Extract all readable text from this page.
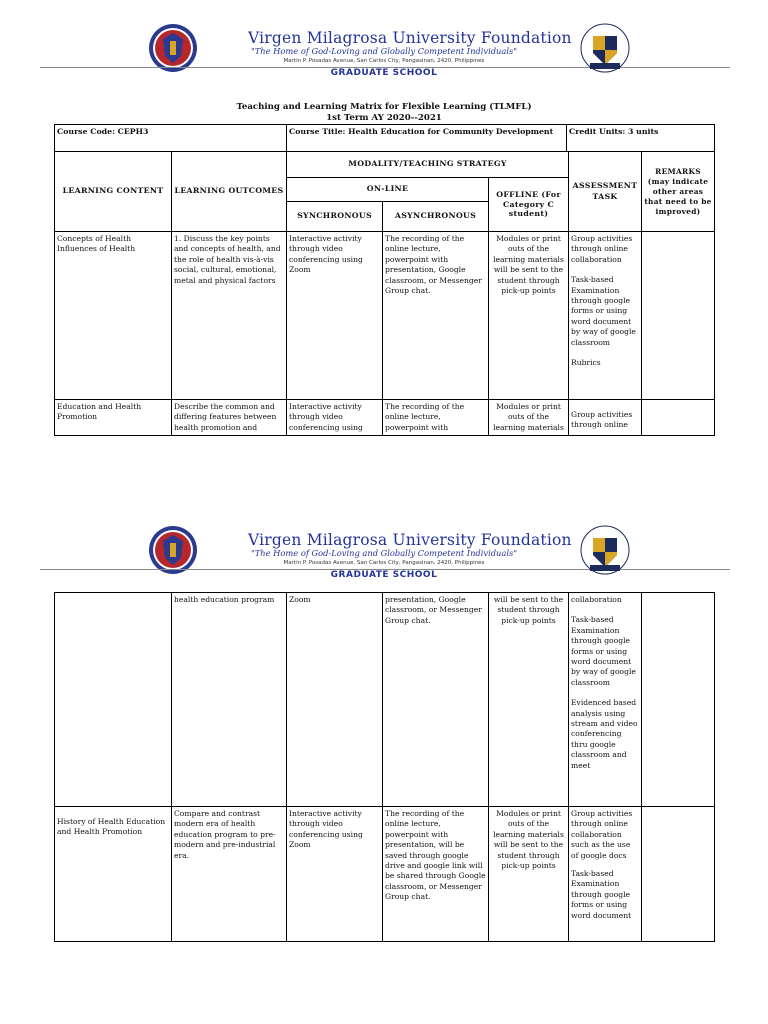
Virgen Milagrosa University Foundation
"The Home of God-Loving and Globally Competent Individuals"
Martin P. Posadas Avenue, San Carlos City, Pangasinan, 2420, Philippines
GRADUATE SCHOOL
Teaching and Learning Matrix for Flexible Learning (TLMFL)
1st Term AY 2020--2021
Course Code: CEPH3	Course Title: Health Education for Community Development	Credit Units: 3 units
LEARNING CONTENT	LEARNING OUTCOMES	MODALITY/TEACHING STRATEGY			ASSESSMENT TASK	REMARKS (may indicate other areas that need to be improved)
		ON-LINE		OFFLINE (For Category C student)		
		SYNCHRONOUS	ASYNCHRONOUS			
Concepts of Health Influences of Health	1. Discuss the key points and concepts of health, and the role of health vis-à-vis social, cultural, emotional, metal and physical factors	Interactive activity through video conferencing using Zoom	The recording of the online lecture, powerpoint with presentation, Google classroom, or Messenger Group chat.	Modules or print outs of the learning materials will be sent to the student through pick-up points	Group activities through online collaboration
Task-based Examination through google forms or using word document by way of google classroom
Rubrics	

Education and Health Promotion	Describe the common and differing features between health promotion and	Interactive activity through video conferencing using	The recording of the online lecture, powerpoint with	Modules or print outs of the learning materials	Group activities through online	

Virgen Milagrosa University Foundation
"The Home of God-Loving and Globally Competent Individuals"
Martin P. Posadas Avenue, San Carlos City, Pangasinan, 2420, Philippines
GRADUATE SCHOOL
	health education program	Zoom	presentation, Google classroom, or Messenger Group chat.	will be sent to the student through pick-up points	collaboration
Task-based Examination through google forms or using word document by way of google classroom
Evidenced based analysis using stream and video conferencing thru google classroom and meet	

History of Health Education and Health Promotion	Compare and contrast modern era of health education program to pre-modern and pre-industrial era.	Interactive activity through video conferencing using Zoom	The recording of the online lecture, powerpoint with presentation, will be saved through google drive and google link will be shared through Google classroom, or Messenger Group chat.	Modules or print outs of the learning materials will be sent to the student through pick-up points	Group activities through online collaboration such as the use of google docs
Task-based Examination through google forms or using word document	
